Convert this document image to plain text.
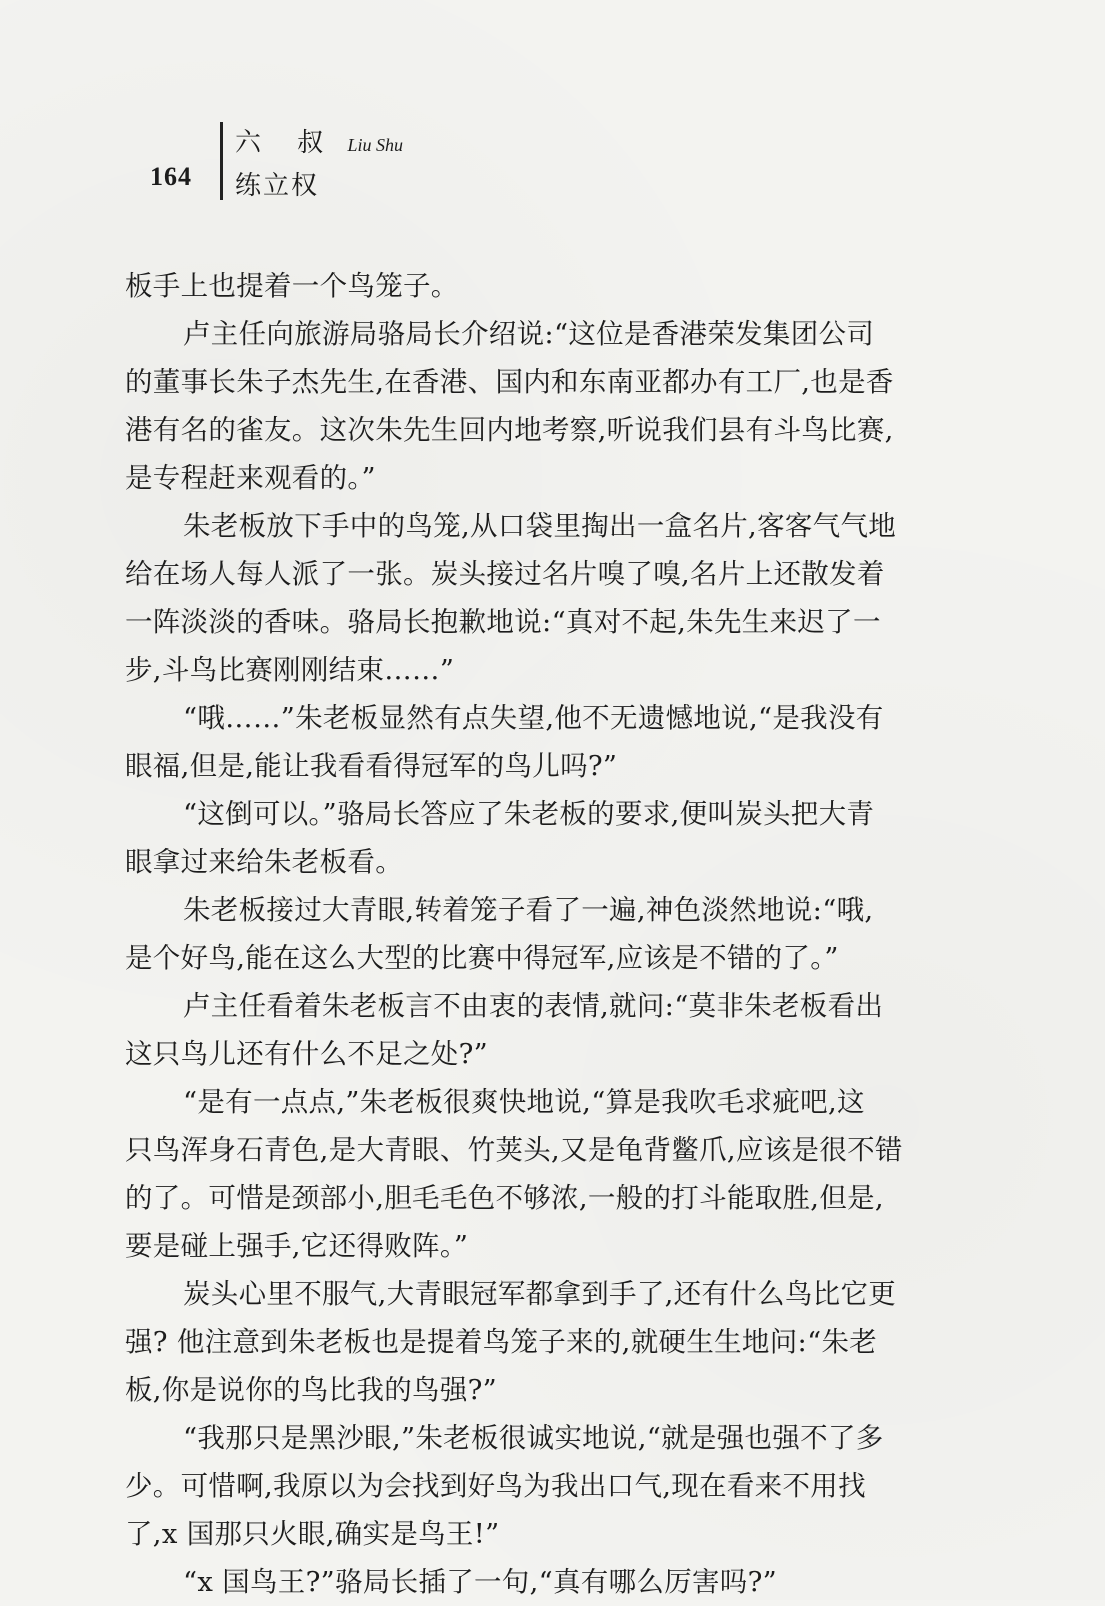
164
六 叔 Liu Shu
练立权
板手上也提着一个鸟笼子。
卢主任向旅游局骆局长介绍说:“这位是香港荣发集团公司
的董事长朱子杰先生,在香港、国内和东南亚都办有工厂,也是香
港有名的雀友。这次朱先生回内地考察,听说我们县有斗鸟比赛,
是专程赶来观看的。”
朱老板放下手中的鸟笼,从口袋里掏出一盒名片,客客气气地
给在场人每人派了一张。炭头接过名片嗅了嗅,名片上还散发着
一阵淡淡的香味。骆局长抱歉地说:“真对不起,朱先生来迟了一
步,斗鸟比赛刚刚结束……”
“哦……”朱老板显然有点失望,他不无遗憾地说,“是我没有
眼福,但是,能让我看看得冠军的鸟儿吗?”
“这倒可以。”骆局长答应了朱老板的要求,便叫炭头把大青
眼拿过来给朱老板看。
朱老板接过大青眼,转着笼子看了一遍,神色淡然地说:“哦,
是个好鸟,能在这么大型的比赛中得冠军,应该是不错的了。”
卢主任看着朱老板言不由衷的表情,就问:“莫非朱老板看出
这只鸟儿还有什么不足之处?”
“是有一点点,”朱老板很爽快地说,“算是我吹毛求疵吧,这
只鸟浑身石青色,是大青眼、竹荚头,又是龟背鳖爪,应该是很不错
的了。可惜是颈部小,胆毛毛色不够浓,一般的打斗能取胜,但是,
要是碰上强手,它还得败阵。”
炭头心里不服气,大青眼冠军都拿到手了,还有什么鸟比它更
强? 他注意到朱老板也是提着鸟笼子来的,就硬生生地问:“朱老
板,你是说你的鸟比我的鸟强?”
“我那只是黑沙眼,”朱老板很诚实地说,“就是强也强不了多
少。可惜啊,我原以为会找到好鸟为我出口气,现在看来不用找
了,x 国那只火眼,确实是鸟王!”
“x 国鸟王?”骆局长插了一句,“真有哪么厉害吗?”
